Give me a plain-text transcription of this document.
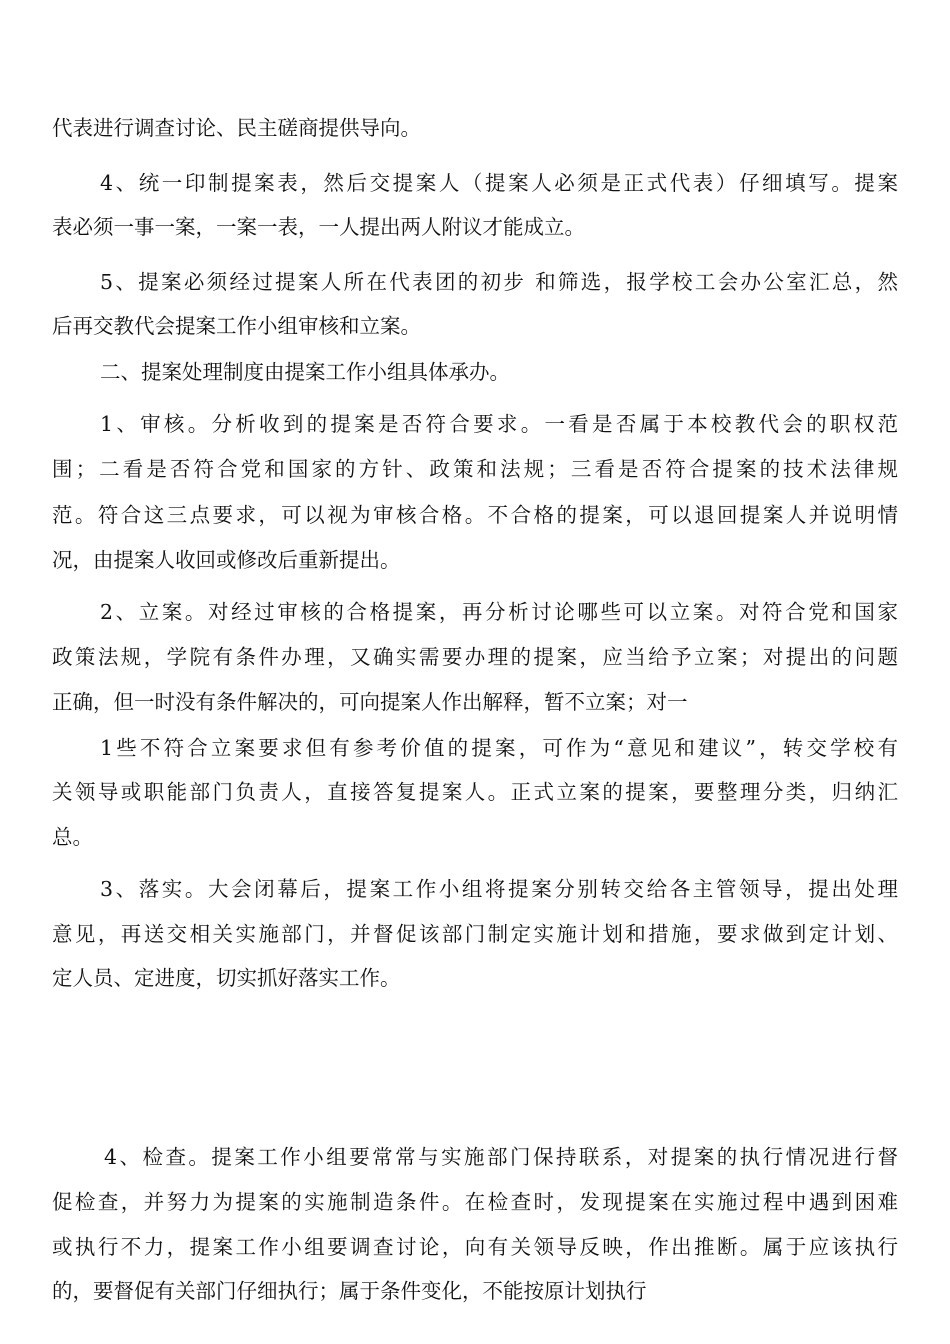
代表进行调查讨论、民主磋商提供导向。
4、统一印制提案表，然后交提案人（提案人必须是正式代表）仔细填写。提案
表必须一事一案，一案一表，一人提出两人附议才能成立。
5、提案必须经过提案人所在代表团的初步 和筛选，报学校工会办公室汇总，然
后再交教代会提案工作小组审核和立案。
二、提案处理制度由提案工作小组具体承办。
1、审核。分析收到的提案是否符合要求。一看是否属于本校教代会的职权范
围；二看是否符合党和国家的方针、政策和法规；三看是否符合提案的技术法律规
范。符合这三点要求，可以视为审核合格。不合格的提案，可以退回提案人并说明情
况，由提案人收回或修改后重新提出。
2、立案。对经过审核的合格提案，再分析讨论哪些可以立案。对符合党和国家
政策法规，学院有条件办理，又确实需要办理的提案，应当给予立案；对提出的问题
正确，但一时没有条件解决的，可向提案人作出解释，暂不立案；对一
1些不符合立案要求但有参考价值的提案，可作为“意见和建议”，转交学校有
关领导或职能部门负责人，直接答复提案人。正式立案的提案，要整理分类，归纳汇
总。
3、落实。大会闭幕后，提案工作小组将提案分别转交给各主管领导，提出处理
意见，再送交相关实施部门，并督促该部门制定实施计划和措施，要求做到定计划、
定人员、定进度，切实抓好落实工作。
4、检查。提案工作小组要常常与实施部门保持联系，对提案的执行情况进行督
促检查，并努力为提案的实施制造条件。在检查时，发现提案在实施过程中遇到困难
或执行不力，提案工作小组要调查讨论，向有关领导反映，作出推断。属于应该执行
的，要督促有关部门仔细执行；属于条件变化，不能按原计划执行
